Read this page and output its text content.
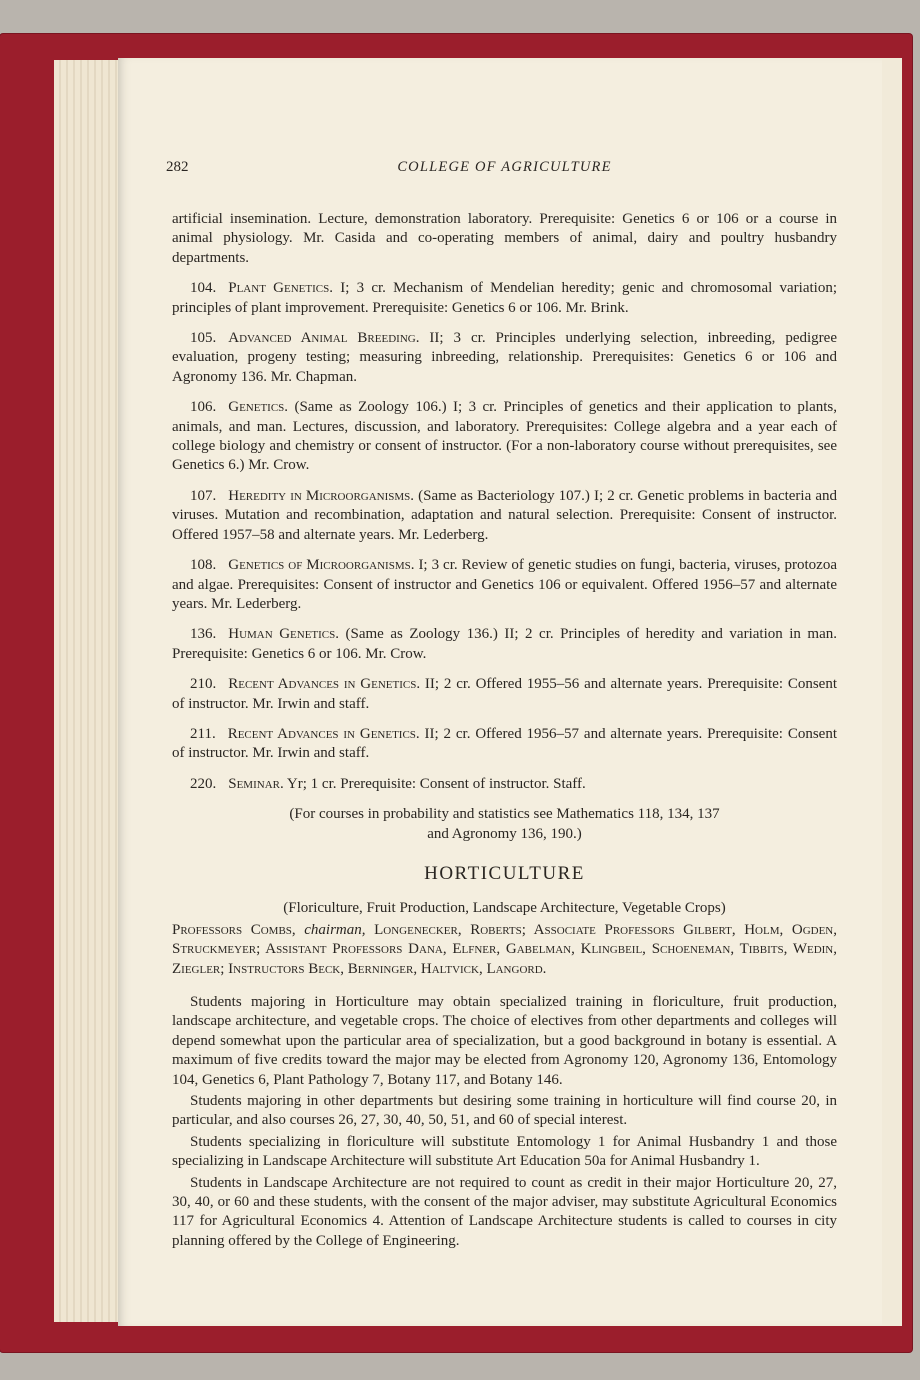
282	COLLEGE OF AGRICULTURE

artificial insemination. Lecture, demonstration laboratory. Prerequisite: Genetics 6 or 106 or a course in animal physiology. Mr. Casida and co-operating members of animal, dairy and poultry husbandry departments.

104. Plant Genetics. I; 3 cr. Mechanism of Mendelian heredity; genic and chromosomal variation; principles of plant improvement. Prerequisite: Genetics 6 or 106. Mr. Brink.

105. Advanced Animal Breeding. II; 3 cr. Principles underlying selection, inbreeding, pedigree evaluation, progeny testing; measuring inbreeding, relationship. Prerequisites: Genetics 6 or 106 and Agronomy 136. Mr. Chapman.

106. Genetics. (Same as Zoology 106.) I; 3 cr. Principles of genetics and their application to plants, animals, and man. Lectures, discussion, and laboratory. Prerequisites: College algebra and a year each of college biology and chemistry or consent of instructor. (For a non-laboratory course without prerequisites, see Genetics 6.) Mr. Crow.

107. Heredity in Microorganisms. (Same as Bacteriology 107.) I; 2 cr. Genetic problems in bacteria and viruses. Mutation and recombination, adaptation and natural selection. Prerequisite: Consent of instructor. Offered 1957–58 and alternate years. Mr. Lederberg.

108. Genetics of Microorganisms. I; 3 cr. Review of genetic studies on fungi, bacteria, viruses, protozoa and algae. Prerequisites: Consent of instructor and Genetics 106 or equivalent. Offered 1956–57 and alternate years. Mr. Lederberg.

136. Human Genetics. (Same as Zoology 136.) II; 2 cr. Principles of heredity and variation in man. Prerequisite: Genetics 6 or 106. Mr. Crow.

210. Recent Advances in Genetics. II; 2 cr. Offered 1955–56 and alternate years. Prerequisite: Consent of instructor. Mr. Irwin and staff.

211. Recent Advances in Genetics. II; 2 cr. Offered 1956–57 and alternate years. Prerequisite: Consent of instructor. Mr. Irwin and staff.

220. Seminar. Yr; 1 cr. Prerequisite: Consent of instructor. Staff.

(For courses in probability and statistics see Mathematics 118, 134, 137
and Agronomy 136, 190.)

HORTICULTURE

(Floriculture, Fruit Production, Landscape Architecture, Vegetable Crops)

Professors Combs, chairman, Longenecker, Roberts; Associate Professors Gilbert, Holm, Ogden, Struckmeyer; Assistant Professors Dana, Elfner, Gabelman, Klingbeil, Schoeneman, Tibbits, Wedin, Ziegler; Instructors Beck, Berninger, Haltvick, Langord.

Students majoring in Horticulture may obtain specialized training in floriculture, fruit production, landscape architecture, and vegetable crops. The choice of electives from other departments and colleges will depend somewhat upon the particular area of specialization, but a good background in botany is essential. A maximum of five credits toward the major may be elected from Agronomy 120, Agronomy 136, Entomology 104, Genetics 6, Plant Pathology 7, Botany 117, and Botany 146.

Students majoring in other departments but desiring some training in horticulture will find course 20, in particular, and also courses 26, 27, 30, 40, 50, 51, and 60 of special interest.

Students specializing in floriculture will substitute Entomology 1 for Animal Husbandry 1 and those specializing in Landscape Architecture will substitute Art Education 50a for Animal Husbandry 1.

Students in Landscape Architecture are not required to count as credit in their major Horticulture 20, 27, 30, 40, or 60 and these students, with the consent of the major adviser, may substitute Agricultural Economics 117 for Agricultural Economics 4. Attention of Landscape Architecture students is called to courses in city planning offered by the College of Engineering.
